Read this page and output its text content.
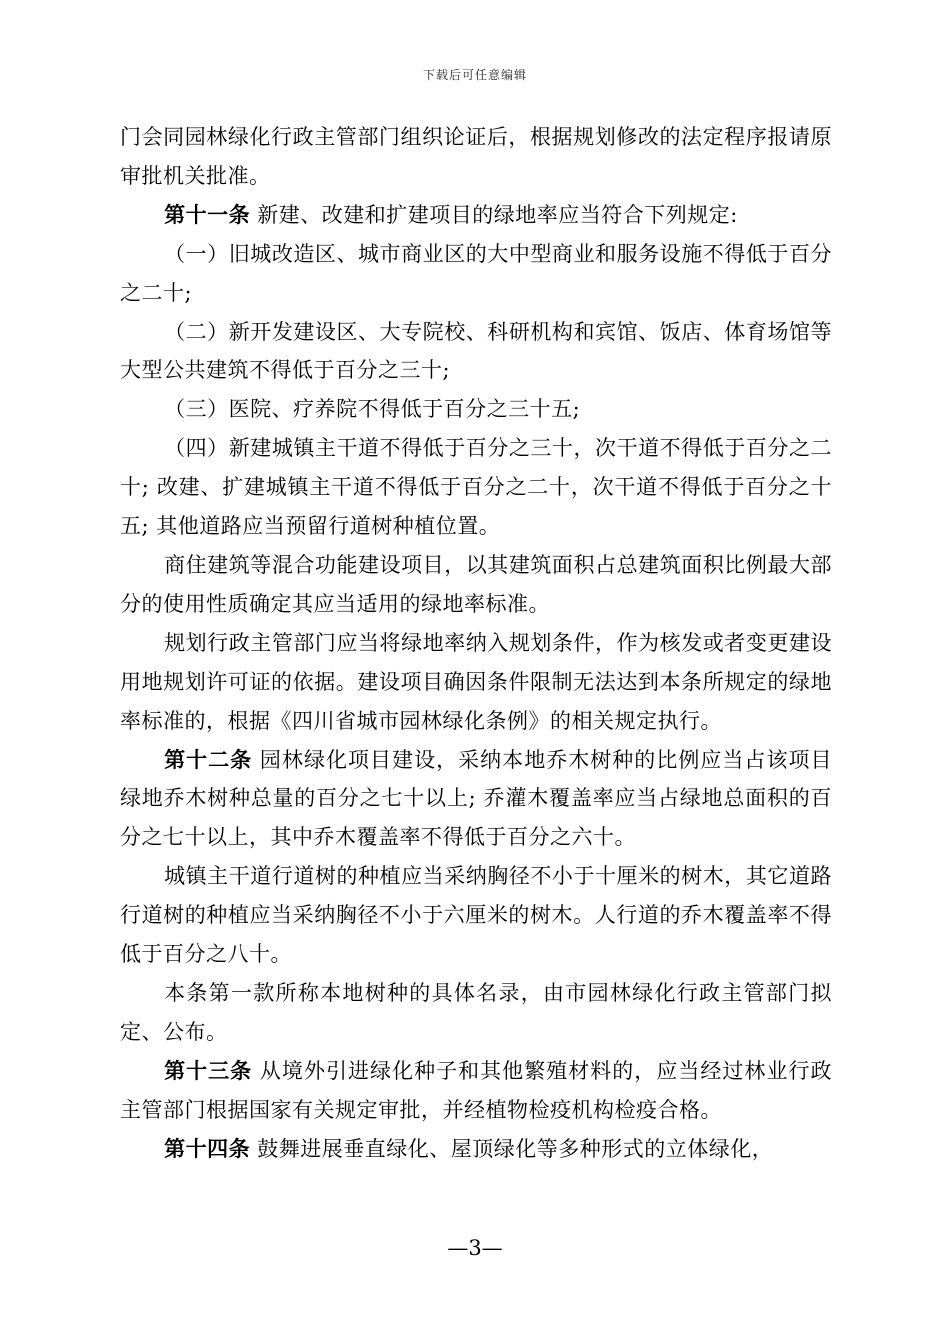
下载后可任意编辑

门会同园林绿化行政主管部门组织论证后，根据规划修改的法定程序报请原审批机关批准。

第十一条 新建、改建和扩建项目的绿地率应当符合下列规定:

（一）旧城改造区、城市商业区的大中型商业和服务设施不得低于百分之二十;

（二）新开发建设区、大专院校、科研机构和宾馆、饭店、体育场馆等大型公共建筑不得低于百分之三十;

（三）医院、疗养院不得低于百分之三十五;

（四）新建城镇主干道不得低于百分之三十，次干道不得低于百分之二十; 改建、扩建城镇主干道不得低于百分之二十，次干道不得低于百分之十五; 其他道路应当预留行道树种植位置。

商住建筑等混合功能建设项目，以其建筑面积占总建筑面积比例最大部分的使用性质确定其应当适用的绿地率标准。

规划行政主管部门应当将绿地率纳入规划条件，作为核发或者变更建设用地规划许可证的依据。建设项目确因条件限制无法达到本条所规定的绿地率标准的，根据《四川省城市园林绿化条例》的相关规定执行。

第十二条 园林绿化项目建设，采纳本地乔木树种的比例应当占该项目绿地乔木树种总量的百分之七十以上; 乔灌木覆盖率应当占绿地总面积的百分之七十以上，其中乔木覆盖率不得低于百分之六十。

城镇主干道行道树的种植应当采纳胸径不小于十厘米的树木，其它道路行道树的种植应当采纳胸径不小于六厘米的树木。人行道的乔木覆盖率不得低于百分之八十。

本条第一款所称本地树种的具体名录，由市园林绿化行政主管部门拟定、公布。

第十三条 从境外引进绿化种子和其他繁殖材料的，应当经过林业行政主管部门根据国家有关规定审批，并经植物检疫机构检疫合格。

第十四条 鼓舞进展垂直绿化、屋顶绿化等多种形式的立体绿化，

—3—
